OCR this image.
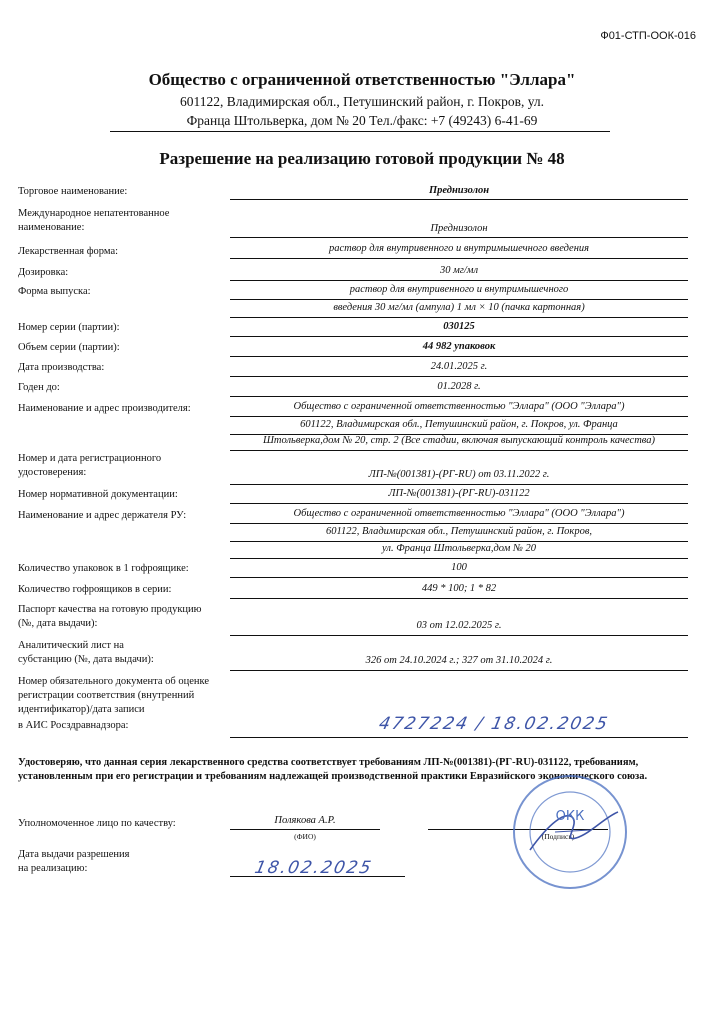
Ф01-СТП-ООК-016
Общество с ограниченной ответственностью "Эллара"
601122, Владимирская обл., Петушинский район, г. Покров, ул.
Франца Штольверка, дом № 20 Тел./факс: +7 (49243) 6-41-69
Разрешение на реализацию готовой продукции № 48
Торговое наименование:	Преднизолон
Международное непатентованное
наименование:	Преднизолон
Лекарственная форма:	раствор для внутривенного и внутримышечного введения
Дозировка:	30 мг/мл
Форма выпуска:	раствор для внутривенного и внутримышечного
введения 30 мг/мл (ампула) 1 мл × 10 (пачка картонная)
Номер серии (партии):	030125
Объем серии (партии):	44 982 упаковок
Дата производства:	24.01.2025 г.
Годен до:	01.2028 г.
Наименование и адрес производителя:	Общество с ограниченной ответственностью "Эллара" (ООО "Эллара")
601122, Владимирская обл., Петушинский район, г. Покров, ул. Франца
Штольверка,дом № 20, стр. 2 (Все стадии, включая выпускающий контроль качества)
Номер и дата регистрационного
удостоверения:	ЛП-№(001381)-(РГ-RU) от 03.11.2022 г.
Номер нормативной документации:	ЛП-№(001381)-(РГ-RU)-031122
Наименование и адрес держателя РУ:	Общество с ограниченной ответственностью "Эллара" (ООО "Эллара")
601122, Владимирская обл., Петушинский район, г. Покров,
ул. Франца Штольверка,дом № 20
Количество упаковок в 1 гофроящике:	100
Количество гофроящиков в серии:	449 * 100; 1 * 82
Паспорт качества на готовую продукцию
(№, дата выдачи):	03 от 12.02.2025 г.
Аналитический лист на
субстанцию (№, дата выдачи):	326 от 24.10.2024 г.; 327 от 31.10.2024 г.
Номер обязательного документа об оценке
регистрации соответствия (внутренний
идентификатор)/дата записи
в АИС Росздравнадзора:	4727224 / 18.02.2025
Удостоверяю, что данная серия лекарственного средства соответствует требованиям ЛП-№(001381)-(РГ-RU)-031122, требованиям, установленным при его регистрации и требованиям надлежащей производственной практики Евразийского экономического союза.
Уполномоченное лицо по качеству:	Полякова А.Р.
(ФИО)	(Подпись)
ОКК
Дата выдачи разрешения
на реализацию:	18.02.2025
